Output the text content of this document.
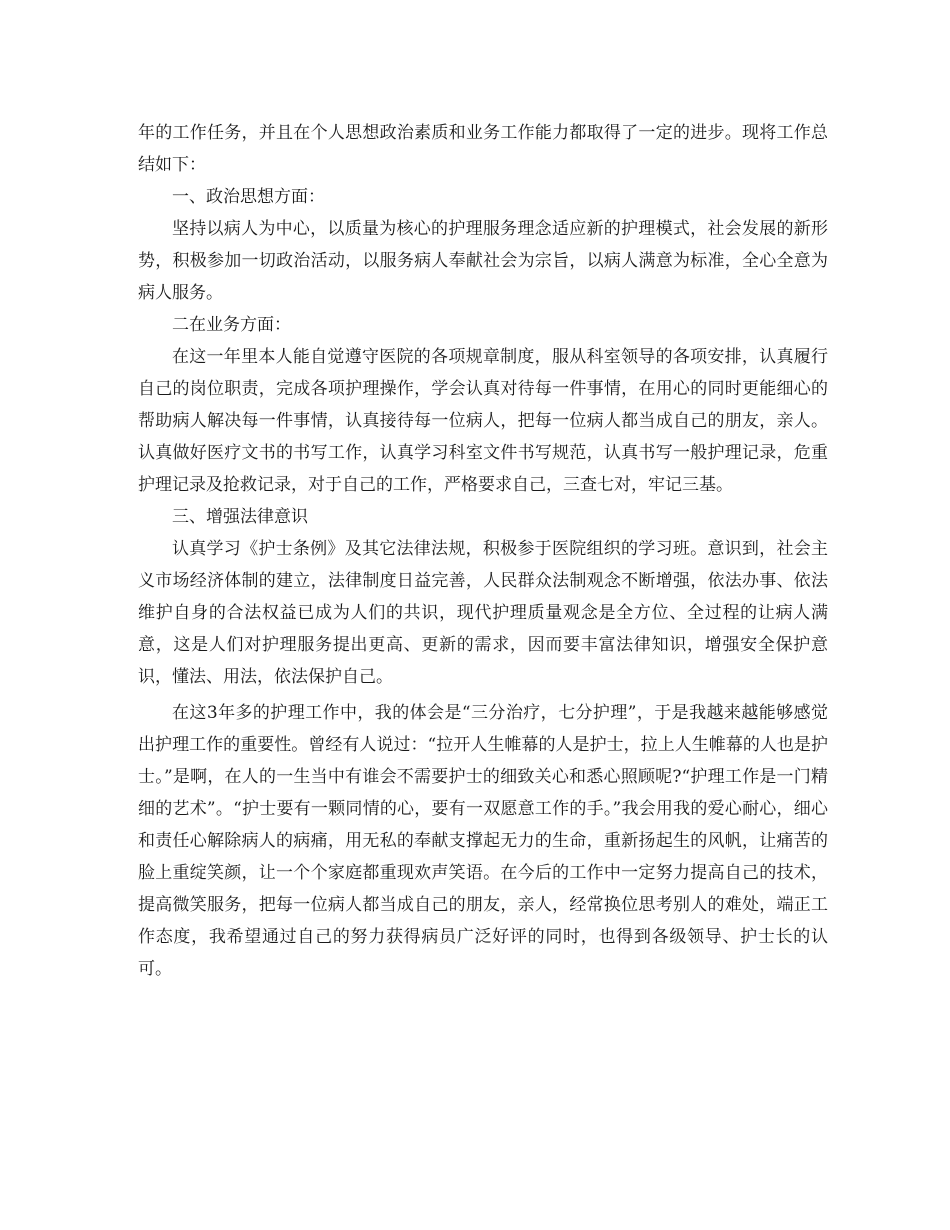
年的工作任务，并且在个人思想政治素质和业务工作能力都取得了一定的进步。现将工作总结如下：

一、政治思想方面：

坚持以病人为中心，以质量为核心的护理服务理念适应新的护理模式，社会发展的新形势，积极参加一切政治活动，以服务病人奉献社会为宗旨，以病人满意为标准，全心全意为病人服务。

二在业务方面：

在这一年里本人能自觉遵守医院的各项规章制度，服从科室领导的各项安排，认真履行自己的岗位职责，完成各项护理操作，学会认真对待每一件事情，在用心的同时更能细心的帮助病人解决每一件事情，认真接待每一位病人，把每一位病人都当成自己的朋友，亲人。认真做好医疗文书的书写工作，认真学习科室文件书写规范，认真书写一般护理记录，危重护理记录及抢救记录，对于自己的工作，严格要求自己，三查七对，牢记三基。

三、增强法律意识

认真学习《护士条例》及其它法律法规，积极参于医院组织的学习班。意识到，社会主义市场经济体制的建立，法律制度日益完善，人民群众法制观念不断增强，依法办事、依法维护自身的合法权益已成为人们的共识，现代护理质量观念是全方位、全过程的让病人满意，这是人们对护理服务提出更高、更新的需求，因而要丰富法律知识，增强安全保护意识，懂法、用法，依法保护自己。

在这3年多的护理工作中，我的体会是“三分治疗，七分护理”，于是我越来越能够感觉出护理工作的重要性。曾经有人说过：“拉开人生帷幕的人是护士，拉上人生帷幕的人也是护士。”是啊，在人的一生当中有谁会不需要护士的细致关心和悉心照顾呢?“护理工作是一门精细的艺术”。“护士要有一颗同情的心，要有一双愿意工作的手。”我会用我的爱心耐心，细心和责任心解除病人的病痛，用无私的奉献支撑起无力的生命，重新扬起生的风帆，让痛苦的脸上重绽笑颜，让一个个家庭都重现欢声笑语。在今后的工作中一定努力提高自己的技术，提高微笑服务，把每一位病人都当成自己的朋友，亲人，经常换位思考别人的难处，端正工作态度，我希望通过自己的努力获得病员广泛好评的同时，也得到各级领导、护士长的认可。
